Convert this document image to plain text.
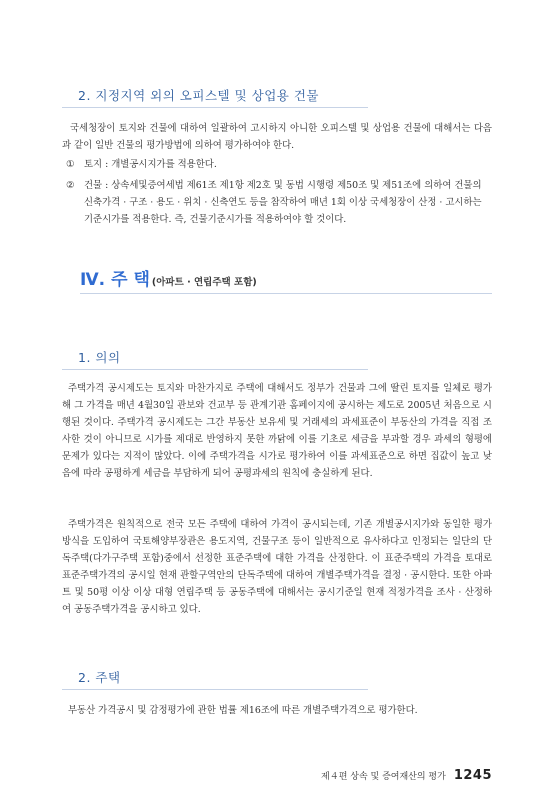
2. 지정지역 외의 오피스텔 및 상업용 건물

국세청장이 토지와 건물에 대하여 일괄하여 고시하지 아니한 오피스텔 및 상업용 건물에 대해서는 다음과 같이 일반 건물의 평가방법에 의하여 평가하여야 한다.

①	토지 : 개별공시지가를 적용한다.
②	건물 : 상속세및증여세법 제61조 제1항 제2호 및 동법 시행령 제50조 및 제51조에 의하여 건물의 신축가격 · 구조 · 용도 · 위치 · 신축연도 등을 참작하여 매년 1회 이상 국세청장이 산정 · 고시하는 기준시가를 적용한다. 즉, 건물기준시가를 적용하여야 할 것이다.
Ⅳ. 주 택 (아파트 · 연립주택 포함)
1. 의의

주택가격 공시제도는 토지와 마찬가지로 주택에 대해서도 정부가 건물과 그에 딸린 토지를 일체로 평가해 그 가격을 매년 4월30일 관보와 건교부 등 관계기관 홈페이지에 공시하는 제도로 2005년 처음으로 시행된 것이다. 주택가격 공시제도는 그간 부동산 보유세 및 거래세의 과세표준이 부동산의 가격을 직접 조사한 것이 아니므로 시가를 제대로 반영하지 못한 까닭에 이를 기초로 세금을 부과할 경우 과세의 형평에 문제가 있다는 지적이 많았다. 이에 주택가격을 시가로 평가하여 이를 과세표준으로 하면 집값이 높고 낮음에 따라 공평하게 세금을 부담하게 되어 공평과세의 원칙에 충실하게 된다.

주택가격은 원칙적으로 전국 모든 주택에 대하여 가격이 공시되는데, 기존 개별공시지가와 동일한 평가방식을 도입하여 국토해양부장관은 용도지역, 건물구조 등이 일반적으로 유사하다고 인정되는 일단의 단독주택(다가구주택 포함)중에서 선정한 표준주택에 대한 가격을 산정한다. 이 표준주택의 가격을 토대로 표준주택가격의 공시일 현재 관할구역안의 단독주택에 대하여 개별주택가격을 결정 · 공시한다. 또한 아파트 및 50평 이상 이상 대형 연립주택 등 공동주택에 대해서는 공시기준일 현재 적정가격을 조사 · 산정하여 공동주택가격을 공시하고 있다.

2. 주택

부동산 가격공시 및 감정평가에 관한 법률 제16조에 따른 개별주택가격으로 평가한다.

제４편 상속 및 증여재산의 평가 1245
